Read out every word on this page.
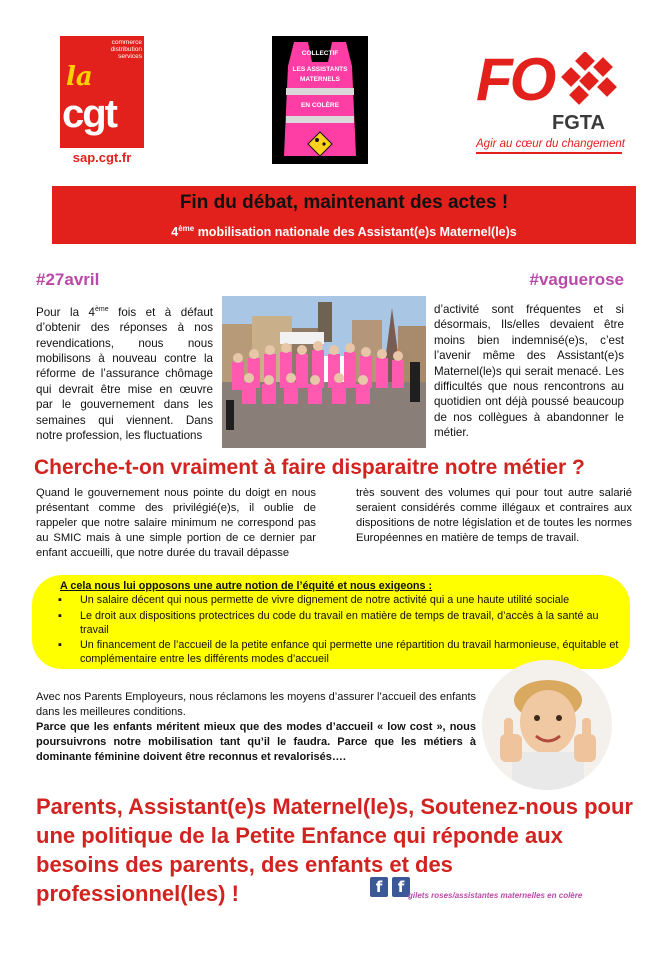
commerce
distribution
services
la
cgt
sap.cgt.fr
COLLECTIF
LES ASSISTANTS
MATERNELS
EN COLÈRE	FO
FGTA
Agir au cœur du changement
Fin du débat, maintenant des actes !
4ème mobilisation nationale des Assistant(e)s Maternel(le)s
#27avril	#vaguerose
Pour la 4ème fois et à défaut d’obtenir des réponses à nos revendications, nous nous mobilisons à nouveau contre la réforme de l’assurance chômage qui devrait être mise en œuvre par le gouvernement dans les semaines qui viennent. Dans notre profession, les fluctuations
d’activité sont fréquentes et si désormais, Ils/elles devaient être moins bien indemnisé(e)s, c’est l’avenir même des Assistant(e)s Maternel(le)s qui serait menacé. Les difficultés que nous rencontrons au quotidien ont déjà poussé beaucoup de nos collègues à abandonner le métier.
Cherche-t-on vraiment à faire disparaitre notre métier ?
Quand le gouvernement nous pointe du doigt en nous présentant comme des privilégié(e)s, il oublie de rappeler que notre salaire minimum ne correspond pas au SMIC mais à une simple portion de ce dernier par enfant accueilli, que notre durée du travail dépasse
très souvent des volumes qui pour tout autre salarié seraient considérés comme illégaux et contraires aux dispositions de notre législation et de toutes les normes Européennes en matière de temps de travail.
A cela nous lui opposons une autre notion de l’équité et nous exigeons :
▪ Un salaire décent qui nous permette de vivre dignement de notre activité qui a une haute utilité sociale
▪ Le droit aux dispositions protectrices du code du travail en matière de temps de travail, d’accès à la santé au travail
▪ Un financement de l’accueil de la petite enfance qui permette une répartition du travail harmonieuse, équitable et complémentaire entre les différents modes d’accueil
Avec nos Parents Employeurs, nous réclamons les moyens d’assurer l’accueil des enfants dans les meilleures conditions.
Parce que les enfants méritent mieux que des modes d’accueil « low cost », nous poursuivrons notre mobilisation tant qu’il le faudra. Parce que les métiers à dominante féminine doivent être reconnus et revalorisés….
Parents, Assistant(e)s Maternel(le)s, Soutenez-nous pour une politique de la Petite Enfance qui réponde aux besoins des parents, des enfants et des professionnel(les) !	f	f gilets roses/assistantes maternelles en colère
